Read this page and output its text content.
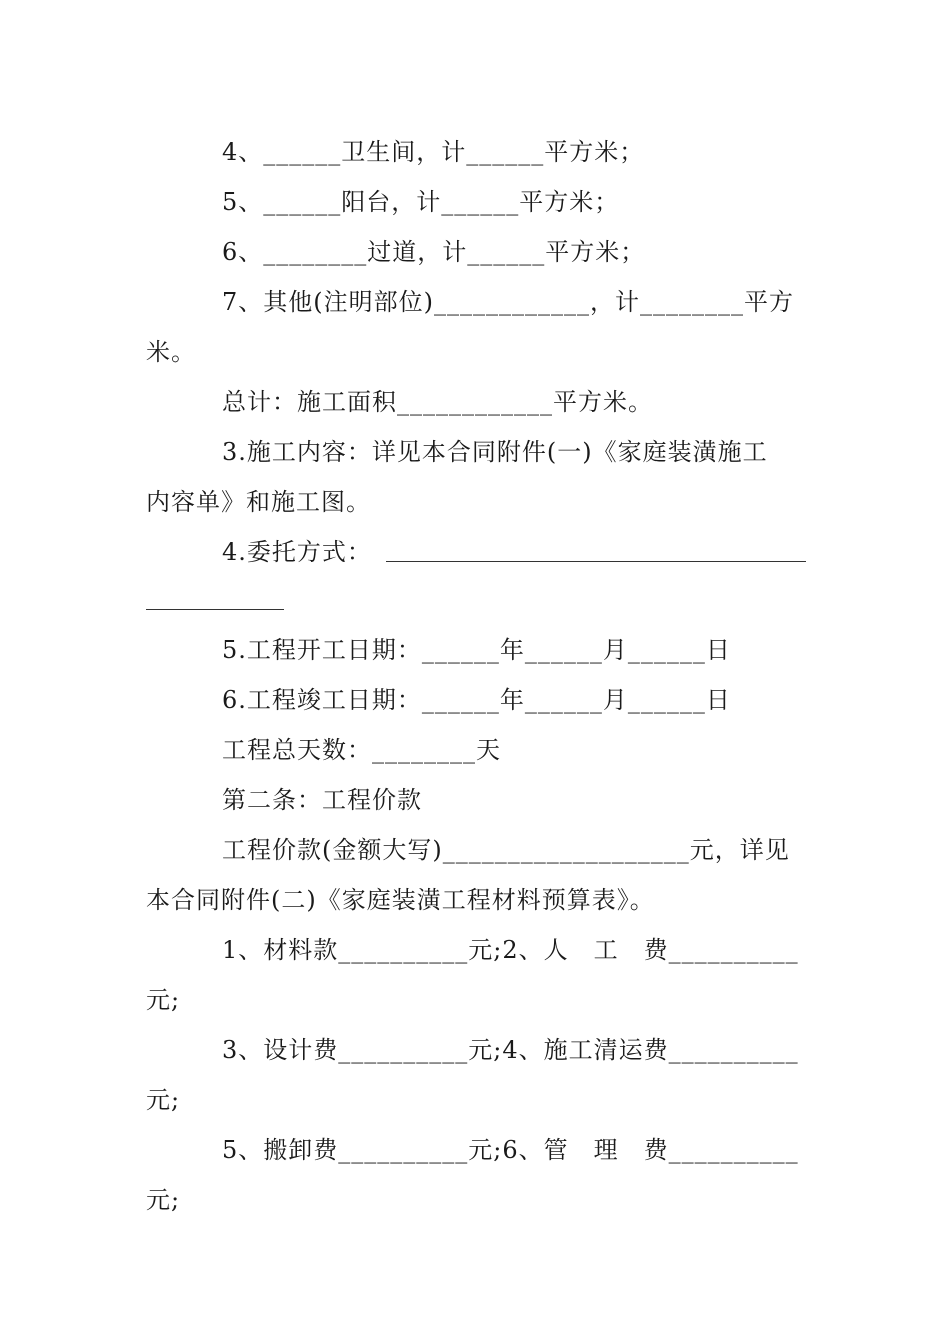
4、______卫生间，计______平方米；
5、______阳台，计______平方米；
6、________过道，计______平方米；
7、其他(注明部位)____________，计________平方
米。
总计：施工面积____________平方米。
3.施工内容：详见本合同附件(一)《家庭装潢施工
内容单》和施工图。
4.委托方式：
5.工程开工日期：______年______月______日
6.工程竣工日期：______年______月______日
工程总天数：________天
第二条：工程价款
工程价款(金额大写)___________________元，详见
本合同附件(二)《家庭装潢工程材料预算表》。
1、材料款__________元;2、人　工　费__________
元;
3、设计费__________元;4、施工清运费__________
元;
5、搬卸费__________元;6、管　理　费__________
元;
